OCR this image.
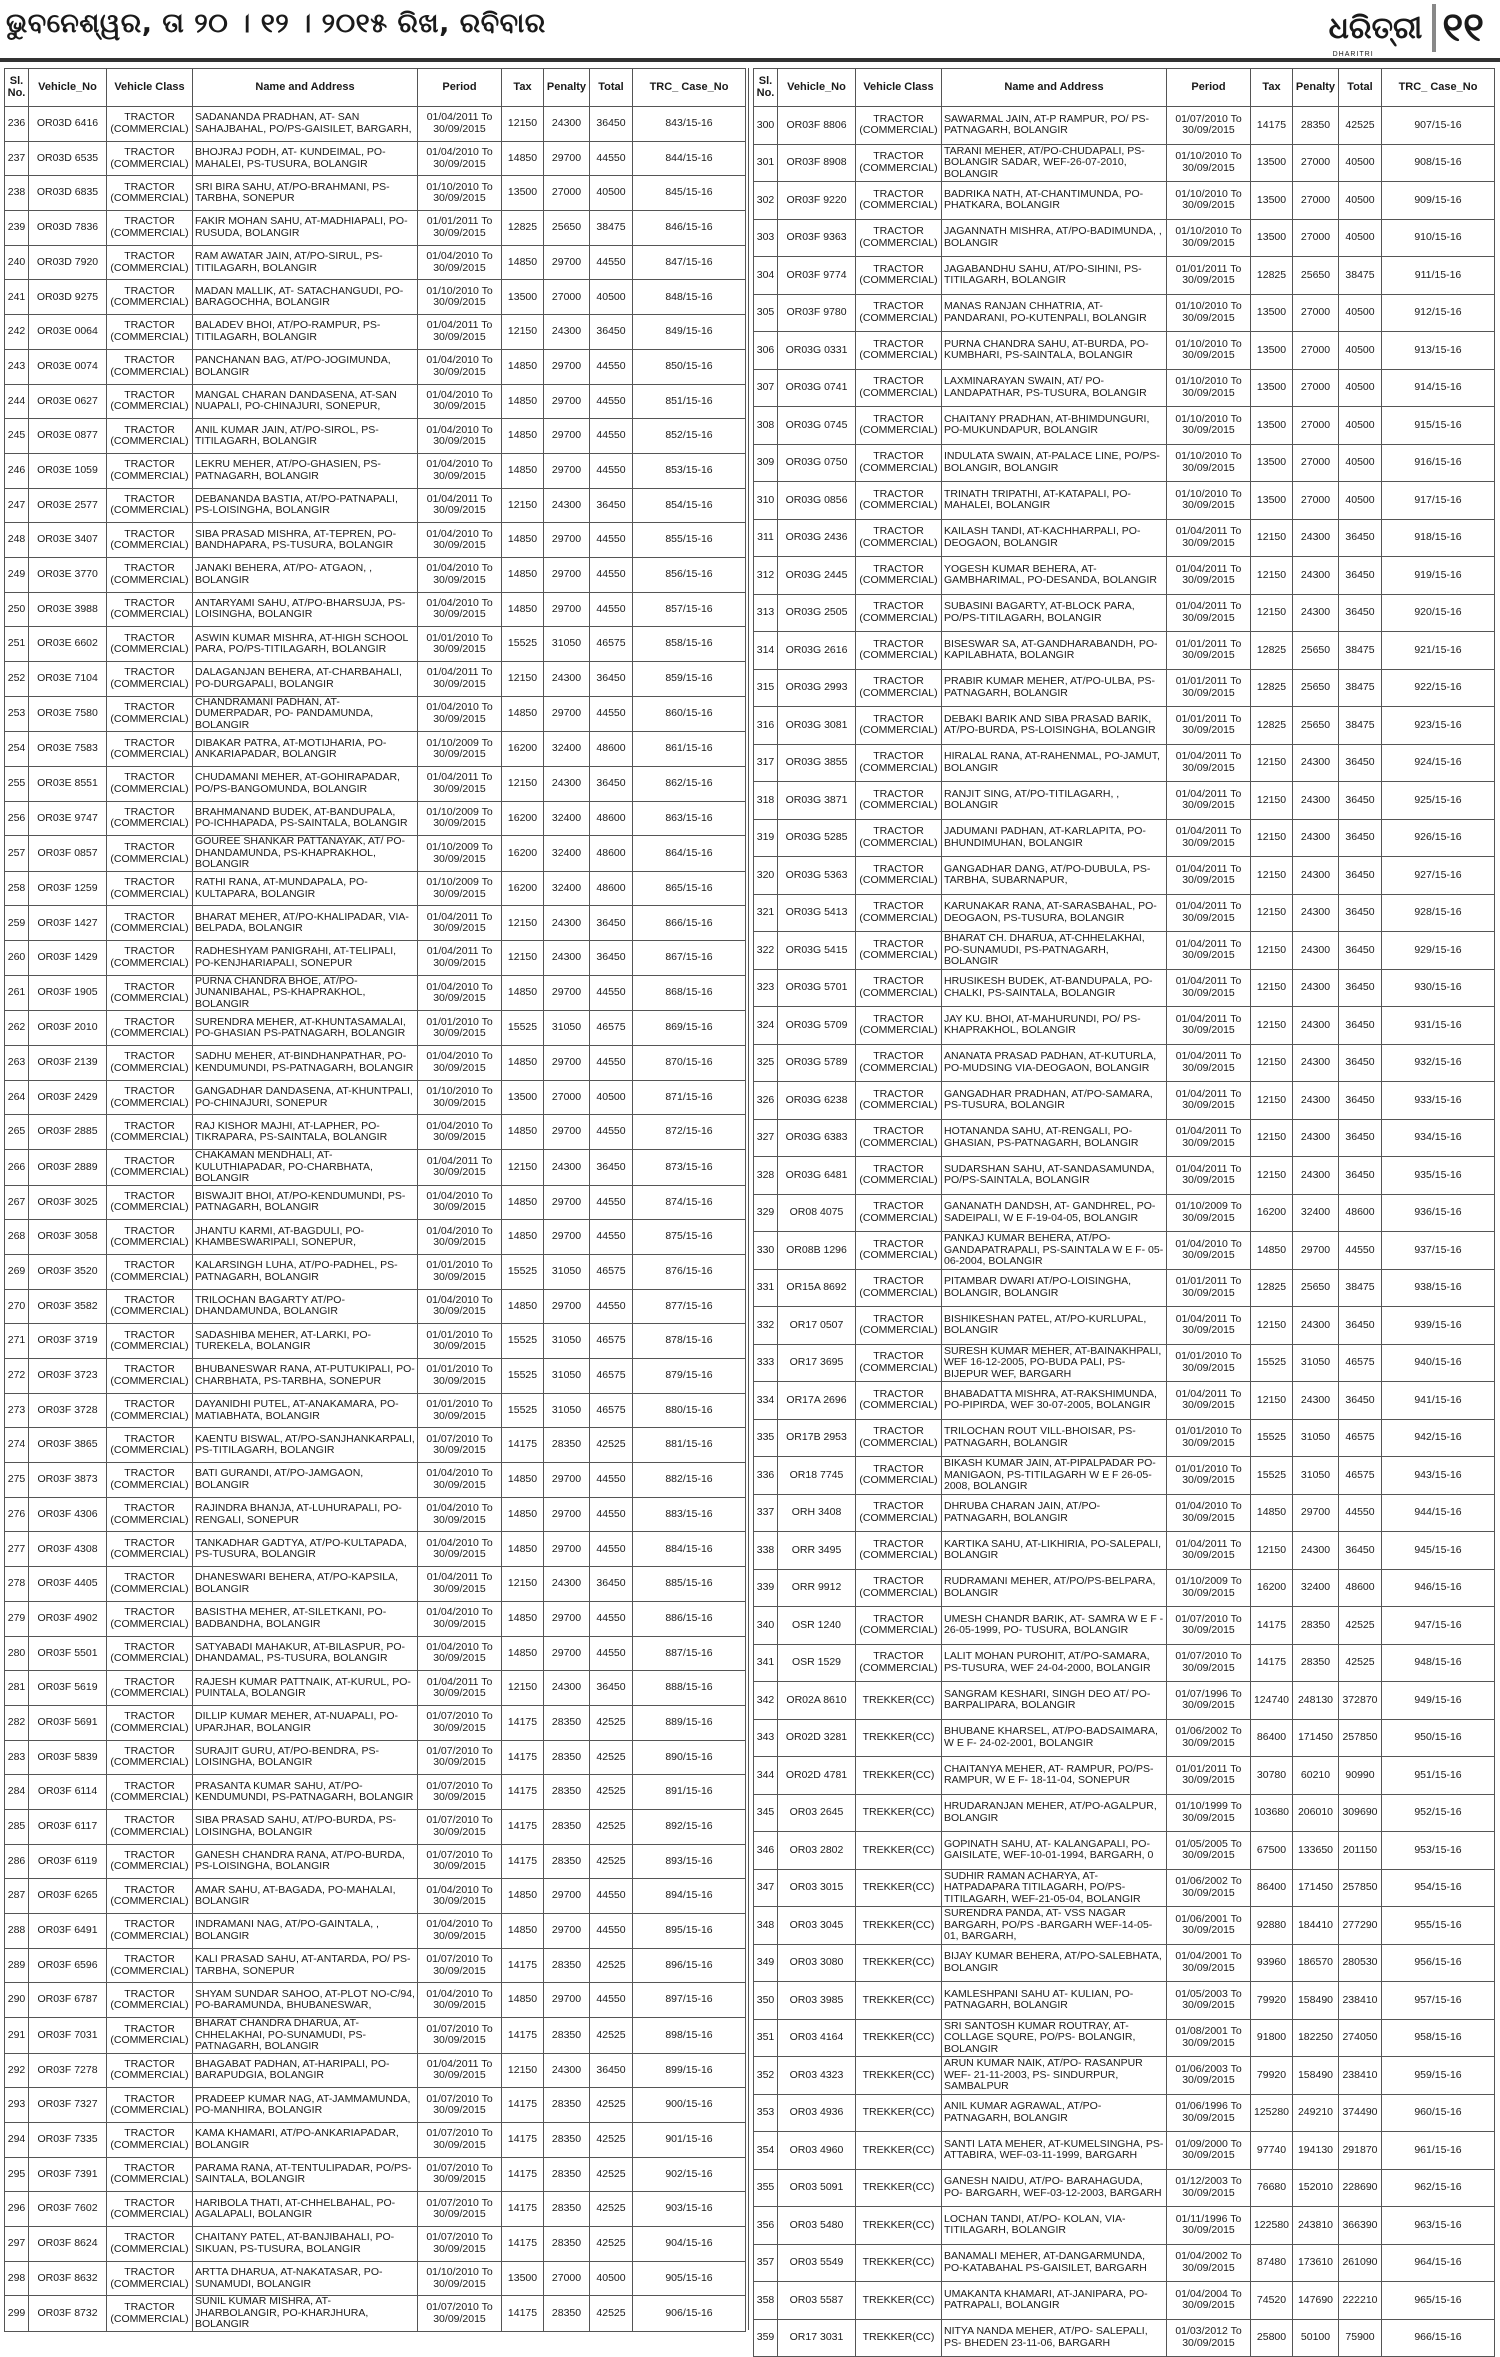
ଭୁବନେଶ୍ୱର, ତା ୨୦ । ୧୨ । ୨୦୧୫ ରିଖ, ରବିବାର	ଧରିତ୍ରୀ
DHARITRI
୧୧
Sl. No.	Vehicle_No	Vehicle Class	Name and Address	Period	Tax	Penalty	Total	TRC_ Case_No
236	OR03D 6416	TRACTOR (COMMERCIAL)	SADANANDA PRADHAN, AT- SAN SAHAJBAHAL, PO/PS-GAISILET, BARGARH,	01/04/2011 To 30/09/2015	12150	24300	36450	843/15-16
237	OR03D 6535	TRACTOR (COMMERCIAL)	BHOJRAJ PODH, AT- KUNDEIMAL, PO-MAHALEI, PS-TUSURA, BOLANGIR	01/04/2010 To 30/09/2015	14850	29700	44550	844/15-16
238	OR03D 6835	TRACTOR (COMMERCIAL)	SRI BIRA SAHU, AT/PO-BRAHMANI, PS-TARBHA, SONEPUR	01/10/2010 To 30/09/2015	13500	27000	40500	845/15-16
239	OR03D 7836	TRACTOR (COMMERCIAL)	FAKIR MOHAN SAHU, AT-MADHIAPALI, PO-RUSUDA, BOLANGIR	01/01/2011 To 30/09/2015	12825	25650	38475	846/15-16
240	OR03D 7920	TRACTOR (COMMERCIAL)	RAM AWATAR JAIN, AT/PO-SIRUL, PS-TITILAGARH, BOLANGIR	01/04/2010 To 30/09/2015	14850	29700	44550	847/15-16
241	OR03D 9275	TRACTOR (COMMERCIAL)	MADAN MALLIK, AT- SATACHANGUDI, PO- BARAGOCHHA, BOLANGIR	01/10/2010 To 30/09/2015	13500	27000	40500	848/15-16
242	OR03E 0064	TRACTOR (COMMERCIAL)	BALADEV BHOI, AT/PO-RAMPUR, PS-TITILAGARH, BOLANGIR	01/04/2011 To 30/09/2015	12150	24300	36450	849/15-16
243	OR03E 0074	TRACTOR (COMMERCIAL)	PANCHANAN BAG, AT/PO-JOGIMUNDA, BOLANGIR	01/04/2010 To 30/09/2015	14850	29700	44550	850/15-16
244	OR03E 0627	TRACTOR (COMMERCIAL)	MANGAL CHARAN DANDASENA, AT-SAN NUAPALI, PO-CHINAJURI, SONEPUR,	01/04/2010 To 30/09/2015	14850	29700	44550	851/15-16
245	OR03E 0877	TRACTOR (COMMERCIAL)	ANIL KUMAR JAIN, AT/PO-SIROL, PS-TITILAGARH, BOLANGIR	01/04/2010 To 30/09/2015	14850	29700	44550	852/15-16
246	OR03E 1059	TRACTOR (COMMERCIAL)	LEKRU MEHER, AT/PO-GHASIEN, PS-PATNAGARH, BOLANGIR	01/04/2010 To 30/09/2015	14850	29700	44550	853/15-16
247	OR03E 2577	TRACTOR (COMMERCIAL)	DEBANANDA BASTIA, AT/PO-PATNAPALI, PS-LOISINGHA, BOLANGIR	01/04/2011 To 30/09/2015	12150	24300	36450	854/15-16
248	OR03E 3407	TRACTOR (COMMERCIAL)	SIBA PRASAD MISHRA, AT-TEPREN, PO-BANDHAPARA, PS-TUSURA, BOLANGIR	01/04/2010 To 30/09/2015	14850	29700	44550	855/15-16
249	OR03E 3770	TRACTOR (COMMERCIAL)	JANAKI BEHERA, AT/PO- ATGAON, , BOLANGIR	01/04/2010 To 30/09/2015	14850	29700	44550	856/15-16
250	OR03E 3988	TRACTOR (COMMERCIAL)	ANTARYAMI SAHU, AT/PO-BHARSUJA, PS-LOISINGHA, BOLANGIR	01/04/2010 To 30/09/2015	14850	29700	44550	857/15-16
251	OR03E 6602	TRACTOR (COMMERCIAL)	ASWIN KUMAR MISHRA, AT-HIGH SCHOOL PARA, PO/PS-TITILAGARH, BOLANGIR	01/01/2010 To 30/09/2015	15525	31050	46575	858/15-16
252	OR03E 7104	TRACTOR (COMMERCIAL)	DALAGANJAN BEHERA, AT-CHARBAHALI, PO-DURGAPALI, BOLANGIR	01/04/2011 To 30/09/2015	12150	24300	36450	859/15-16
253	OR03E 7580	TRACTOR (COMMERCIAL)	CHANDRAMANI PADHAN, AT-DUMERPADAR, PO- PANDAMUNDA, BOLANGIR	01/04/2010 To 30/09/2015	14850	29700	44550	860/15-16
254	OR03E 7583	TRACTOR (COMMERCIAL)	DIBAKAR PATRA, AT-MOTIJHARIA, PO-ANKARIAPADAR, BOLANGIR	01/10/2009 To 30/09/2015	16200	32400	48600	861/15-16
255	OR03E 8551	TRACTOR (COMMERCIAL)	CHUDAMANI MEHER, AT-GOHIRAPADAR, PO/PS-BANGOMUNDA, BOLANGIR	01/04/2011 To 30/09/2015	12150	24300	36450	862/15-16
256	OR03E 9747	TRACTOR (COMMERCIAL)	BRAHMANAND BUDEK, AT-BANDUPALA, PO-ICHHAPADA, PS-SAINTALA, BOLANGIR	01/10/2009 To 30/09/2015	16200	32400	48600	863/15-16
257	OR03F 0857	TRACTOR (COMMERCIAL)	GOUREE SHANKAR PATTANAYAK, AT/ PO-DHANDAMUNDA, PS-KHAPRAKHOL, BOLANGIR	01/10/2009 To 30/09/2015	16200	32400	48600	864/15-16
258	OR03F 1259	TRACTOR (COMMERCIAL)	RATHI RANA, AT-MUNDAPALA, PO-KULTAPARA, BOLANGIR	01/10/2009 To 30/09/2015	16200	32400	48600	865/15-16
259	OR03F 1427	TRACTOR (COMMERCIAL)	BHARAT MEHER, AT/PO-KHALIPADAR, VIA-BELPADA, BOLANGIR	01/04/2011 To 30/09/2015	12150	24300	36450	866/15-16
260	OR03F 1429	TRACTOR (COMMERCIAL)	RADHESHYAM PANIGRAHI, AT-TELIPALI, PO-KENJHARIAPALI, SONEPUR	01/04/2011 To 30/09/2015	12150	24300	36450	867/15-16
261	OR03F 1905	TRACTOR (COMMERCIAL)	PURNA CHANDRA BHOE, AT/PO-JUNANIBAHAL, PS-KHAPRAKHOL, BOLANGIR	01/04/2010 To 30/09/2015	14850	29700	44550	868/15-16
262	OR03F 2010	TRACTOR (COMMERCIAL)	SURENDRA MEHER, AT-KHUNTASAMALAI, PO-GHASIAN PS-PATNAGARH, BOLANGIR	01/01/2010 To 30/09/2015	15525	31050	46575	869/15-16
263	OR03F 2139	TRACTOR (COMMERCIAL)	SADHU MEHER, AT-BINDHANPATHAR, PO-KENDUMUNDI, PS-PATNAGARH, BOLANGIR	01/04/2010 To 30/09/2015	14850	29700	44550	870/15-16
264	OR03F 2429	TRACTOR (COMMERCIAL)	GANGADHAR DANDASENA, AT-KHUNTPALI, PO-CHINAJURI, SONEPUR	01/10/2010 To 30/09/2015	13500	27000	40500	871/15-16
265	OR03F 2885	TRACTOR (COMMERCIAL)	RAJ KISHOR MAJHI, AT-LAPHER, PO-TIKRAPARA, PS-SAINTALA, BOLANGIR	01/04/2010 To 30/09/2015	14850	29700	44550	872/15-16
266	OR03F 2889	TRACTOR (COMMERCIAL)	CHAKAMAN MENDHALI, AT-KULUTHIAPADAR, PO-CHARBHATA, BOLANGIR	01/04/2011 To 30/09/2015	12150	24300	36450	873/15-16
267	OR03F 3025	TRACTOR (COMMERCIAL)	BISWAJIT BHOI, AT/PO-KENDUMUNDI, PS-PATNAGARH, BOLANGIR	01/04/2010 To 30/09/2015	14850	29700	44550	874/15-16
268	OR03F 3058	TRACTOR (COMMERCIAL)	JHANTU KARMI, AT-BAGDULI, PO-KHAMBESWARIPALI, SONEPUR,	01/04/2010 To 30/09/2015	14850	29700	44550	875/15-16
269	OR03F 3520	TRACTOR (COMMERCIAL)	KALARSINGH LUHA, AT/PO-PADHEL, PS-PATNAGARH, BOLANGIR	01/01/2010 To 30/09/2015	15525	31050	46575	876/15-16
270	OR03F 3582	TRACTOR (COMMERCIAL)	TRILOCHAN BAGARTY AT/PO-DHANDAMUNDA, BOLANGIR	01/04/2010 To 30/09/2015	14850	29700	44550	877/15-16
271	OR03F 3719	TRACTOR (COMMERCIAL)	SADASHIBA MEHER, AT-LARKI, PO-TUREKELA, BOLANGIR	01/01/2010 To 30/09/2015	15525	31050	46575	878/15-16
272	OR03F 3723	TRACTOR (COMMERCIAL)	BHUBANESWAR RANA, AT-PUTUKIPALI, PO-CHARBHATA, PS-TARBHA, SONEPUR	01/01/2010 To 30/09/2015	15525	31050	46575	879/15-16
273	OR03F 3728	TRACTOR (COMMERCIAL)	DAYANIDHI PUTEL, AT-ANAKAMARA, PO-MATIABHATA, BOLANGIR	01/01/2010 To 30/09/2015	15525	31050	46575	880/15-16
274	OR03F 3865	TRACTOR (COMMERCIAL)	KAENTU BISWAL, AT/PO-SANJHANKARPALI, PS-TITILAGARH, BOLANGIR	01/07/2010 To 30/09/2015	14175	28350	42525	881/15-16
275	OR03F 3873	TRACTOR (COMMERCIAL)	BATI GURANDI, AT/PO-JAMGAON, BOLANGIR	01/04/2010 To 30/09/2015	14850	29700	44550	882/15-16
276	OR03F 4306	TRACTOR (COMMERCIAL)	RAJINDRA BHANJA, AT-LUHURAPALI, PO-RENGALI, SONEPUR	01/04/2010 To 30/09/2015	14850	29700	44550	883/15-16
277	OR03F 4308	TRACTOR (COMMERCIAL)	TANKADHAR GADTYA, AT/PO-KULTAPADA, PS-TUSURA, BOLANGIR	01/04/2010 To 30/09/2015	14850	29700	44550	884/15-16
278	OR03F 4405	TRACTOR (COMMERCIAL)	DHANESWARI BEHERA, AT/PO-KAPSILA, BOLANGIR	01/04/2011 To 30/09/2015	12150	24300	36450	885/15-16
279	OR03F 4902	TRACTOR (COMMERCIAL)	BASISTHA MEHER, AT-SILETKANI, PO-BADBANDHA, BOLANGIR	01/04/2010 To 30/09/2015	14850	29700	44550	886/15-16
280	OR03F 5501	TRACTOR (COMMERCIAL)	SATYABADI MAHAKUR, AT-BILASPUR, PO-DHANDAMAL, PS-TUSURA, BOLANGIR	01/04/2010 To 30/09/2015	14850	29700	44550	887/15-16
281	OR03F 5619	TRACTOR (COMMERCIAL)	RAJESH KUMAR PATTNAIK, AT-KURUL, PO-PUINTALA, BOLANGIR	01/04/2011 To 30/09/2015	12150	24300	36450	888/15-16
282	OR03F 5691	TRACTOR (COMMERCIAL)	DILLIP KUMAR MEHER, AT-NUAPALI, PO-UPARJHAR, BOLANGIR	01/07/2010 To 30/09/2015	14175	28350	42525	889/15-16
283	OR03F 5839	TRACTOR (COMMERCIAL)	SURAJIT GURU, AT/PO-BENDRA, PS-LOISINGHA, BOLANGIR	01/07/2010 To 30/09/2015	14175	28350	42525	890/15-16
284	OR03F 6114	TRACTOR (COMMERCIAL)	PRASANTA KUMAR SAHU, AT/PO-KENDUMUNDI, PS-PATNAGARH, BOLANGIR	01/07/2010 To 30/09/2015	14175	28350	42525	891/15-16
285	OR03F 6117	TRACTOR (COMMERCIAL)	SIBA PRASAD SAHU, AT/PO-BURDA, PS-LOISINGHA, BOLANGIR	01/07/2010 To 30/09/2015	14175	28350	42525	892/15-16
286	OR03F 6119	TRACTOR (COMMERCIAL)	GANESH CHANDRA RANA, AT/PO-BURDA, PS-LOISINGHA, BOLANGIR	01/07/2010 To 30/09/2015	14175	28350	42525	893/15-16
287	OR03F 6265	TRACTOR (COMMERCIAL)	AMAR SAHU, AT-BAGADA, PO-MAHALAI, BOLANGIR	01/04/2010 To 30/09/2015	14850	29700	44550	894/15-16
288	OR03F 6491	TRACTOR (COMMERCIAL)	INDRAMANI NAG, AT/PO-GAINTALA, , BOLANGIR	01/04/2010 To 30/09/2015	14850	29700	44550	895/15-16
289	OR03F 6596	TRACTOR (COMMERCIAL)	KALI PRASAD SAHU, AT-ANTARDA, PO/ PS-TARBHA, SONEPUR	01/07/2010 To 30/09/2015	14175	28350	42525	896/15-16
290	OR03F 6787	TRACTOR (COMMERCIAL)	SHYAM SUNDAR SAHOO, AT-PLOT NO-C/94, PO-BARAMUNDA, BHUBANESWAR,	01/04/2010 To 30/09/2015	14850	29700	44550	897/15-16
291	OR03F 7031	TRACTOR (COMMERCIAL)	BHARAT CHANDRA DHARUA, AT-CHHELAKHAI, PO-SUNAMUDI, PS-PATNAGARH, BOLANGIR	01/07/2010 To 30/09/2015	14175	28350	42525	898/15-16
292	OR03F 7278	TRACTOR (COMMERCIAL)	BHAGABAT PADHAN, AT-HARIPALI, PO-BARAPUDGIA, BOLANGIR	01/04/2011 To 30/09/2015	12150	24300	36450	899/15-16
293	OR03F 7327	TRACTOR (COMMERCIAL)	PRADEEP KUMAR NAG, AT-JAMMAMUNDA, PO-MANHIRA, BOLANGIR	01/07/2010 To 30/09/2015	14175	28350	42525	900/15-16
294	OR03F 7335	TRACTOR (COMMERCIAL)	KAMA KHAMARI, AT/PO-ANKARIAPADAR, BOLANGIR	01/07/2010 To 30/09/2015	14175	28350	42525	901/15-16
295	OR03F 7391	TRACTOR (COMMERCIAL)	PARAMA RANA, AT-TENTULIPADAR, PO/PS-SAINTALA, BOLANGIR	01/07/2010 To 30/09/2015	14175	28350	42525	902/15-16
296	OR03F 7602	TRACTOR (COMMERCIAL)	HARIBOLA THATI, AT-CHHELBAHAL, PO-AGALAPALI, BOLANGIR	01/07/2010 To 30/09/2015	14175	28350	42525	903/15-16
297	OR03F 8624	TRACTOR (COMMERCIAL)	CHAITANY PATEL, AT-BANJIBAHALI, PO-SIKUAN, PS-TUSURA, BOLANGIR	01/07/2010 To 30/09/2015	14175	28350	42525	904/15-16
298	OR03F 8632	TRACTOR (COMMERCIAL)	ARTTA DHARUA, AT-NAKATASAR, PO-SUNAMUDI, BOLANGIR	01/10/2010 To 30/09/2015	13500	27000	40500	905/15-16
299	OR03F 8732	TRACTOR (COMMERCIAL)	SUNIL KUMAR MISHRA, AT-JHARBOLANGIR, PO-KHARJHURA, BOLANGIR	01/07/2010 To 30/09/2015	14175	28350	42525	906/15-16
Sl. No.	Vehicle_No	Vehicle Class	Name and Address	Period	Tax	Penalty	Total	TRC_ Case_No
300	OR03F 8806	TRACTOR (COMMERCIAL)	SAWARMAL JAIN, AT-P RAMPUR, PO/ PS-PATNAGARH, BOLANGIR	01/07/2010 To 30/09/2015	14175	28350	42525	907/15-16
301	OR03F 8908	TRACTOR (COMMERCIAL)	TARANI MEHER, AT/PO-CHUDAPALI, PS-BOLANGIR SADAR, WEF-26-07-2010, BOLANGIR	01/10/2010 To 30/09/2015	13500	27000	40500	908/15-16
302	OR03F 9220	TRACTOR (COMMERCIAL)	BADRIKA NATH, AT-CHANTIMUNDA, PO-PHATKARA, BOLANGIR	01/10/2010 To 30/09/2015	13500	27000	40500	909/15-16
303	OR03F 9363	TRACTOR (COMMERCIAL)	JAGANNATH MISHRA, AT/PO-BADIMUNDA, , BOLANGIR	01/10/2010 To 30/09/2015	13500	27000	40500	910/15-16
304	OR03F 9774	TRACTOR (COMMERCIAL)	JAGABANDHU SAHU, AT/PO-SIHINI, PS-TITILAGARH, BOLANGIR	01/01/2011 To 30/09/2015	12825	25650	38475	911/15-16
305	OR03F 9780	TRACTOR (COMMERCIAL)	MANAS RANJAN CHHATRIA, AT-PANDARANI, PO-KUTENPALI, BOLANGIR	01/10/2010 To 30/09/2015	13500	27000	40500	912/15-16
306	OR03G 0331	TRACTOR (COMMERCIAL)	PURNA CHANDRA SAHU, AT-BURDA, PO-KUMBHARI, PS-SAINTALA, BOLANGIR	01/10/2010 To 30/09/2015	13500	27000	40500	913/15-16
307	OR03G 0741	TRACTOR (COMMERCIAL)	LAXMINARAYAN SWAIN, AT/ PO-LANDAPATHAR, PS-TUSURA, BOLANGIR	01/10/2010 To 30/09/2015	13500	27000	40500	914/15-16
308	OR03G 0745	TRACTOR (COMMERCIAL)	CHAITANY PRADHAN, AT-BHIMDUNGURI, PO-MUKUNDAPUR, BOLANGIR	01/10/2010 To 30/09/2015	13500	27000	40500	915/15-16
309	OR03G 0750	TRACTOR (COMMERCIAL)	INDULATA SWAIN, AT-PALACE LINE, PO/PS-BOLANGIR, BOLANGIR	01/10/2010 To 30/09/2015	13500	27000	40500	916/15-16
310	OR03G 0856	TRACTOR (COMMERCIAL)	TRINATH TRIPATHI, AT-KATAPALI, PO-MAHALEI, BOLANGIR	01/10/2010 To 30/09/2015	13500	27000	40500	917/15-16
311	OR03G 2436	TRACTOR (COMMERCIAL)	KAILASH TANDI, AT-KACHHARPALI, PO-DEOGAON, BOLANGIR	01/04/2011 To 30/09/2015	12150	24300	36450	918/15-16
312	OR03G 2445	TRACTOR (COMMERCIAL)	YOGESH KUMAR BEHERA, AT-GAMBHARIMAL, PO-DESANDA, BOLANGIR	01/04/2011 To 30/09/2015	12150	24300	36450	919/15-16
313	OR03G 2505	TRACTOR (COMMERCIAL)	SUBASINI BAGARTY, AT-BLOCK PARA, PO/PS-TITILAGARH, BOLANGIR	01/04/2011 To 30/09/2015	12150	24300	36450	920/15-16
314	OR03G 2616	TRACTOR (COMMERCIAL)	BISESWAR SA, AT-GANDHARABANDH, PO-KAPILABHATA, BOLANGIR	01/01/2011 To 30/09/2015	12825	25650	38475	921/15-16
315	OR03G 2993	TRACTOR (COMMERCIAL)	PRABIR KUMAR MEHER, AT/PO-ULBA, PS-PATNAGARH, BOLANGIR	01/01/2011 To 30/09/2015	12825	25650	38475	922/15-16
316	OR03G 3081	TRACTOR (COMMERCIAL)	DEBAKI BARIK AND SIBA PRASAD BARIK, AT/PO-BURDA, PS-LOISINGHA, BOLANGIR	01/01/2011 To 30/09/2015	12825	25650	38475	923/15-16
317	OR03G 3855	TRACTOR (COMMERCIAL)	HIRALAL RANA, AT-RAHENMAL, PO-JAMUT, BOLANGIR	01/04/2011 To 30/09/2015	12150	24300	36450	924/15-16
318	OR03G 3871	TRACTOR (COMMERCIAL)	RANJIT SING, AT/PO-TITILAGARH, , BOLANGIR	01/04/2011 To 30/09/2015	12150	24300	36450	925/15-16
319	OR03G 5285	TRACTOR (COMMERCIAL)	JADUMANI PADHAN, AT-KARLAPITA, PO-BHUNDIMUHAN, BOLANGIR	01/04/2011 To 30/09/2015	12150	24300	36450	926/15-16
320	OR03G 5363	TRACTOR (COMMERCIAL)	GANGADHAR DANG, AT/PO-DUBULA, PS-TARBHA, SUBARNAPUR,	01/04/2011 To 30/09/2015	12150	24300	36450	927/15-16
321	OR03G 5413	TRACTOR (COMMERCIAL)	KARUNAKAR RANA, AT-SARASBAHAL, PO-DEOGAON, PS-TUSURA, BOLANGIR	01/04/2011 To 30/09/2015	12150	24300	36450	928/15-16
322	OR03G 5415	TRACTOR (COMMERCIAL)	BHARAT CH. DHARUA, AT-CHHELAKHAI, PO-SUNAMUDI, PS-PATNAGARH, BOLANGIR	01/04/2011 To 30/09/2015	12150	24300	36450	929/15-16
323	OR03G 5701	TRACTOR (COMMERCIAL)	HRUSIKESH BUDEK, AT-BANDUPALA, PO-CHALKI, PS-SAINTALA, BOLANGIR	01/04/2011 To 30/09/2015	12150	24300	36450	930/15-16
324	OR03G 5709	TRACTOR (COMMERCIAL)	JAY KU. BHOI, AT-MAHURUNDI, PO/ PS-KHAPRAKHOL, BOLANGIR	01/04/2011 To 30/09/2015	12150	24300	36450	931/15-16
325	OR03G 5789	TRACTOR (COMMERCIAL)	ANANATA PRASAD PADHAN, AT-KUTURLA, PO-MUDSING VIA-DEOGAON, BOLANGIR	01/04/2011 To 30/09/2015	12150	24300	36450	932/15-16
326	OR03G 6238	TRACTOR (COMMERCIAL)	GANGADHAR PRADHAN, AT/PO-SAMARA, PS-TUSURA, BOLANGIR	01/04/2011 To 30/09/2015	12150	24300	36450	933/15-16
327	OR03G 6383	TRACTOR (COMMERCIAL)	HOTANANDA SAHU, AT-RENGALI, PO-GHASIAN, PS-PATNAGARH, BOLANGIR	01/04/2011 To 30/09/2015	12150	24300	36450	934/15-16
328	OR03G 6481	TRACTOR (COMMERCIAL)	SUDARSHAN SAHU, AT-SANDASAMUNDA, PO/PS-SAINTALA, BOLANGIR	01/04/2011 To 30/09/2015	12150	24300	36450	935/15-16
329	OR08 4075	TRACTOR (COMMERCIAL)	GANANATH DANDSH, AT- GANDHREL, PO- SADEIPALI, W E F-19-04-05, BOLANGIR	01/10/2009 To 30/09/2015	16200	32400	48600	936/15-16
330	OR08B 1296	TRACTOR (COMMERCIAL)	PANKAJ KUMAR BEHERA, AT/PO-GANDAPATRAPALI, PS-SAINTALA W E F- 05-06-2004, BOLANGIR	01/04/2010 To 30/09/2015	14850	29700	44550	937/15-16
331	OR15A 8692	TRACTOR (COMMERCIAL)	PITAMBAR DWARI AT/PO-LOISINGHA, BOLANGIR, BOLANGIR	01/01/2011 To 30/09/2015	12825	25650	38475	938/15-16
332	OR17 0507	TRACTOR (COMMERCIAL)	BISHIKESHAN PATEL, AT/PO-KURLUPAL, BOLANGIR	01/04/2011 To 30/09/2015	12150	24300	36450	939/15-16
333	OR17 3695	TRACTOR (COMMERCIAL)	SURESH KUMAR MEHER, AT-BAINAKHPALI, WEF 16-12-2005, PO-BUDA PALI, PS-BIJEPUR WEF, BARGARH	01/01/2010 To 30/09/2015	15525	31050	46575	940/15-16
334	OR17A 2696	TRACTOR (COMMERCIAL)	BHABADATTA MISHRA, AT-RAKSHIMUNDA, PO-PIPIRDA, WEF 30-07-2005, BOLANGIR	01/04/2011 To 30/09/2015	12150	24300	36450	941/15-16
335	OR17B 2953	TRACTOR (COMMERCIAL)	TRILOCHAN ROUT VILL-BHOISAR, PS-PATNAGARH, BOLANGIR	01/01/2010 To 30/09/2015	15525	31050	46575	942/15-16
336	OR18 7745	TRACTOR (COMMERCIAL)	BIKASH KUMAR JAIN, AT-PIPALPADAR PO-MANIGAON, PS-TITILAGARH W E F 26-05-2008, BOLANGIR	01/01/2010 To 30/09/2015	15525	31050	46575	943/15-16
337	ORH 3408	TRACTOR (COMMERCIAL)	DHRUBA CHARAN JAIN, AT/PO-PATNAGARH, BOLANGIR	01/04/2010 To 30/09/2015	14850	29700	44550	944/15-16
338	ORR 3495	TRACTOR (COMMERCIAL)	KARTIKA SAHU, AT-LIKHIRIA, PO-SALEPALI, BOLANGIR	01/04/2011 To 30/09/2015	12150	24300	36450	945/15-16
339	ORR 9912	TRACTOR (COMMERCIAL)	RUDRAMANI MEHER, AT/PO/PS-BELPARA, BOLANGIR	01/10/2009 To 30/09/2015	16200	32400	48600	946/15-16
340	OSR 1240	TRACTOR (COMMERCIAL)	UMESH CHANDR BARIK, AT- SAMRA W E F - 26-05-1999, PO- TUSURA, BOLANGIR	01/07/2010 To 30/09/2015	14175	28350	42525	947/15-16
341	OSR 1529	TRACTOR (COMMERCIAL)	LALIT MOHAN PUROHIT, AT/PO-SAMARA, PS-TUSURA, WEF 24-04-2000, BOLANGIR	01/07/2010 To 30/09/2015	14175	28350	42525	948/15-16
342	OR02A 8610	TREKKER(CC)	SANGRAM KESHARI, SINGH DEO AT/ PO- BARPALIPARA, BOLANGIR	01/07/1996 To 30/09/2015	124740	248130	372870	949/15-16
343	OR02D 3281	TREKKER(CC)	BHUBANE KHARSEL, AT/PO-BADSAIMARA, W E F- 24-02-2001, BOLANGIR	01/06/2002 To 30/09/2015	86400	171450	257850	950/15-16
344	OR02D 4781	TREKKER(CC)	CHAITANYA MEHER, AT- RAMPUR, PO/PS- RAMPUR, W E F- 18-11-04, SONEPUR	01/01/2011 To 30/09/2015	30780	60210	90990	951/15-16
345	OR03 2645	TREKKER(CC)	HRUDARANJAN MEHER, AT/PO-AGALPUR, BOLANGIR	01/10/1999 To 30/09/2015	103680	206010	309690	952/15-16
346	OR03 2802	TREKKER(CC)	GOPINATH SAHU, AT- KALANGAPALI, PO- GAISILATE, WEF-10-01-1994, BARGARH, 0	01/05/2005 To 30/09/2015	67500	133650	201150	953/15-16
347	OR03 3015	TREKKER(CC)	SUDHIR RAMAN ACHARYA, AT-HATPADAPARA TITILAGARH, PO/PS-TITILAGARH, WEF-21-05-04, BOLANGIR	01/06/2002 To 30/09/2015	86400	171450	257850	954/15-16
348	OR03 3045	TREKKER(CC)	SURENDRA PANDA, AT- VSS NAGAR BARGARH, PO/PS -BARGARH WEF-14-05-01, BARGARH,	01/06/2001 To 30/09/2015	92880	184410	277290	955/15-16
349	OR03 3080	TREKKER(CC)	BIJAY KUMAR BEHERA, AT/PO-SALEBHATA, BOLANGIR	01/04/2001 To 30/09/2015	93960	186570	280530	956/15-16
350	OR03 3985	TREKKER(CC)	KAMLESHPANI SAHU AT- KULIAN, PO-PATNAGARH, BOLANGIR	01/05/2003 To 30/09/2015	79920	158490	238410	957/15-16
351	OR03 4164	TREKKER(CC)	SRI SANTOSH KUMAR ROUTRAY, AT-COLLAGE SQURE, PO/PS- BOLANGIR, BOLANGIR	01/08/2001 To 30/09/2015	91800	182250	274050	958/15-16
352	OR03 4323	TREKKER(CC)	ARUN KUMAR NAIK, AT/PO- RASANPUR WEF- 21-11-2003, PS- SINDURPUR, SAMBALPUR	01/06/2003 To 30/09/2015	79920	158490	238410	959/15-16
353	OR03 4936	TREKKER(CC)	ANIL KUMAR AGRAWAL, AT/PO-PATNAGARH, BOLANGIR	01/06/1996 To 30/09/2015	125280	249210	374490	960/15-16
354	OR03 4960	TREKKER(CC)	SANTI LATA MEHER, AT-KUMELSINGHA, PS- ATTABIRA, WEF-03-11-1999, BARGARH	01/09/2000 To 30/09/2015	97740	194130	291870	961/15-16
355	OR03 5091	TREKKER(CC)	GANESH NAIDU, AT/PO- BARAHAGUDA, PO- BARGARH, WEF-03-12-2003, BARGARH	01/12/2003 To 30/09/2015	76680	152010	228690	962/15-16
356	OR03 5480	TREKKER(CC)	LOCHAN TANDI, AT/PO- KOLAN, VIA-TITILAGARH, BOLANGIR	01/11/1996 To 30/09/2015	122580	243810	366390	963/15-16
357	OR03 5549	TREKKER(CC)	BANAMALI MEHER, AT-DANGARMUNDA, PO-KATABAHAL PS-GAISILET, BARGARH	01/04/2002 To 30/09/2015	87480	173610	261090	964/15-16
358	OR03 5587	TREKKER(CC)	UMAKANTA KHAMARI, AT-JANIPARA, PO- PATRAPALI, BOLANGIR	01/04/2004 To 30/09/2015	74520	147690	222210	965/15-16
359	OR17 3031	TREKKER(CC)	NITYA NANDA MEHER, AT/PO- SALEPALI, PS- BHEDEN 23-11-06, BARGARH	01/03/2012 To 30/09/2015	25800	50100	75900	966/15-16
